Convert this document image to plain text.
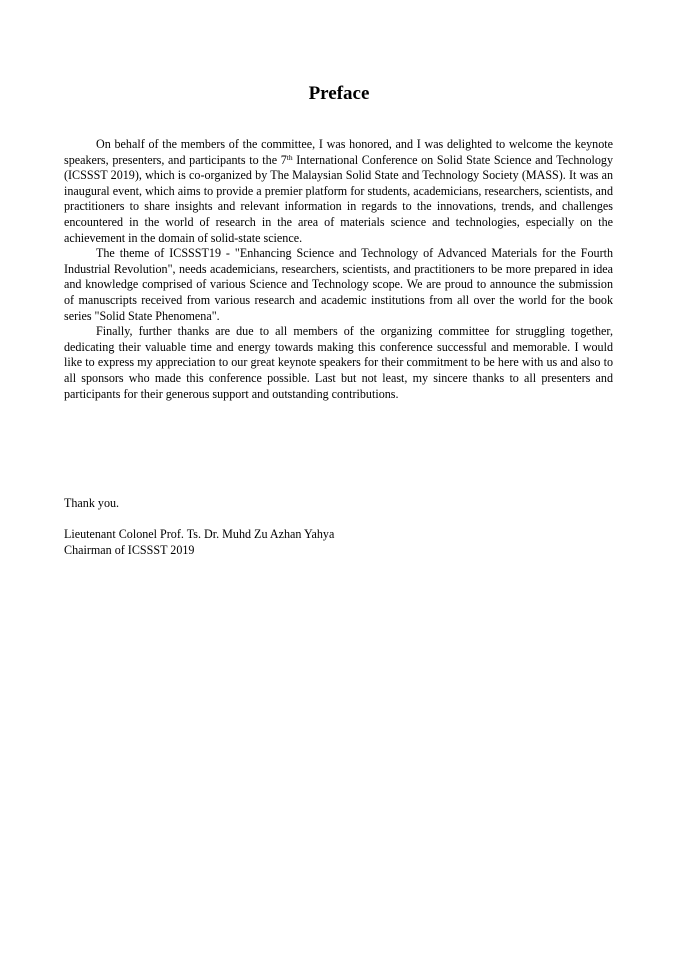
Preface

On behalf of the members of the committee, I was honored, and I was delighted to welcome the keynote speakers, presenters, and participants to the 7th International Conference on Solid State Science and Technology (ICSSST 2019), which is co-organized by The Malaysian Solid State and Technology Society (MASS). It was an inaugural event, which aims to provide a premier platform for students, academicians, researchers, scientists, and practitioners to share insights and relevant information in regards to the innovations, trends, and challenges encountered in the world of research in the area of materials science and technologies, especially on the achievement in the domain of solid-state science.

The theme of ICSSST19 - "Enhancing Science and Technology of Advanced Materials for the Fourth Industrial Revolution", needs academicians, researchers, scientists, and practitioners to be more prepared in idea and knowledge comprised of various Science and Technology scope. We are proud to announce the submission of manuscripts received from various research and academic institutions from all over the world for the book series "Solid State Phenomena".

Finally, further thanks are due to all members of the organizing committee for struggling together, dedicating their valuable time and energy towards making this conference successful and memorable. I would like to express my appreciation to our great keynote speakers for their commitment to be here with us and also to all sponsors who made this conference possible. Last but not least, my sincere thanks to all presenters and participants for their generous support and outstanding contributions.

Thank you.

Lieutenant Colonel Prof. Ts. Dr. Muhd Zu Azhan Yahya
Chairman of ICSSST 2019
